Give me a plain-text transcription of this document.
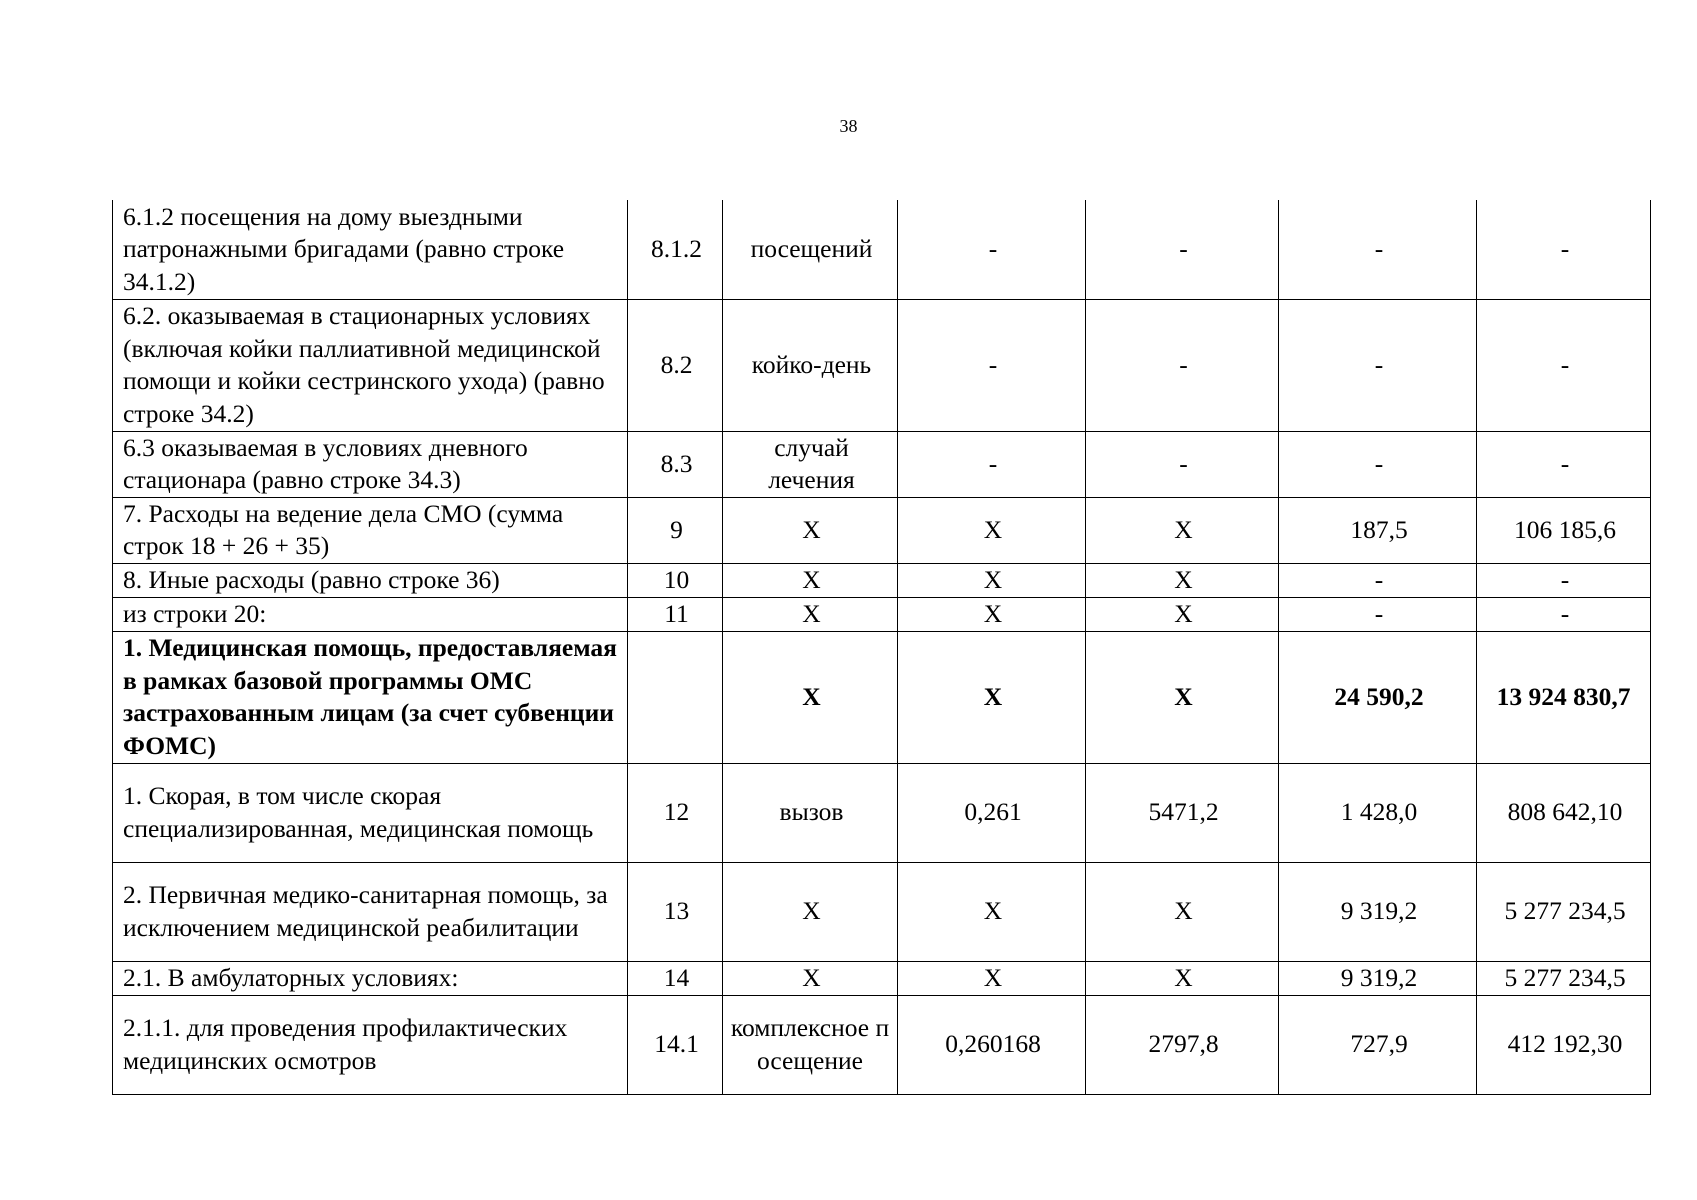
38
6.1.2 посещения на дому выездными патронажными бригадами (равно строке 34.1.2)	8.1.2	посещений	-	-	-	-
6.2. оказываемая в стационарных условиях (включая койки паллиативной медицинской помощи и койки сестринского ухода) (равно строке 34.2)	8.2	койко-день	-	-	-	-
6.3 оказываемая в условиях дневного стационара (равно строке 34.3)	8.3	случай лечения	-	-	-	-
7. Расходы на ведение дела СМО (сумма строк 18 + 26 + 35)	9	X	X	X	187,5	106 185,6
8. Иные расходы (равно строке 36)	10	X	X	X	-	-
из строки 20:	11	X	X	X	-	-
1. Медицинская помощь, предоставляемая в рамках базовой программы ОМС застрахованным лицам (за счет субвенции ФОМС)		X	X	X	24 590,2	13 924 830,7
1. Скорая, в том числе скорая специализированная, медицинская помощь	12	вызов	0,261	5471,2	1 428,0	808 642,10
2. Первичная медико-санитарная помощь, за исключением медицинской реабилитации	13	X	X	X	9 319,2	5 277 234,5
2.1. В амбулаторных условиях:	14	X	X	X	9 319,2	5 277 234,5
2.1.1. для проведения профилактических медицинских осмотров	14.1	комплексное посещение	0,260168	2797,8	727,9	412 192,30
